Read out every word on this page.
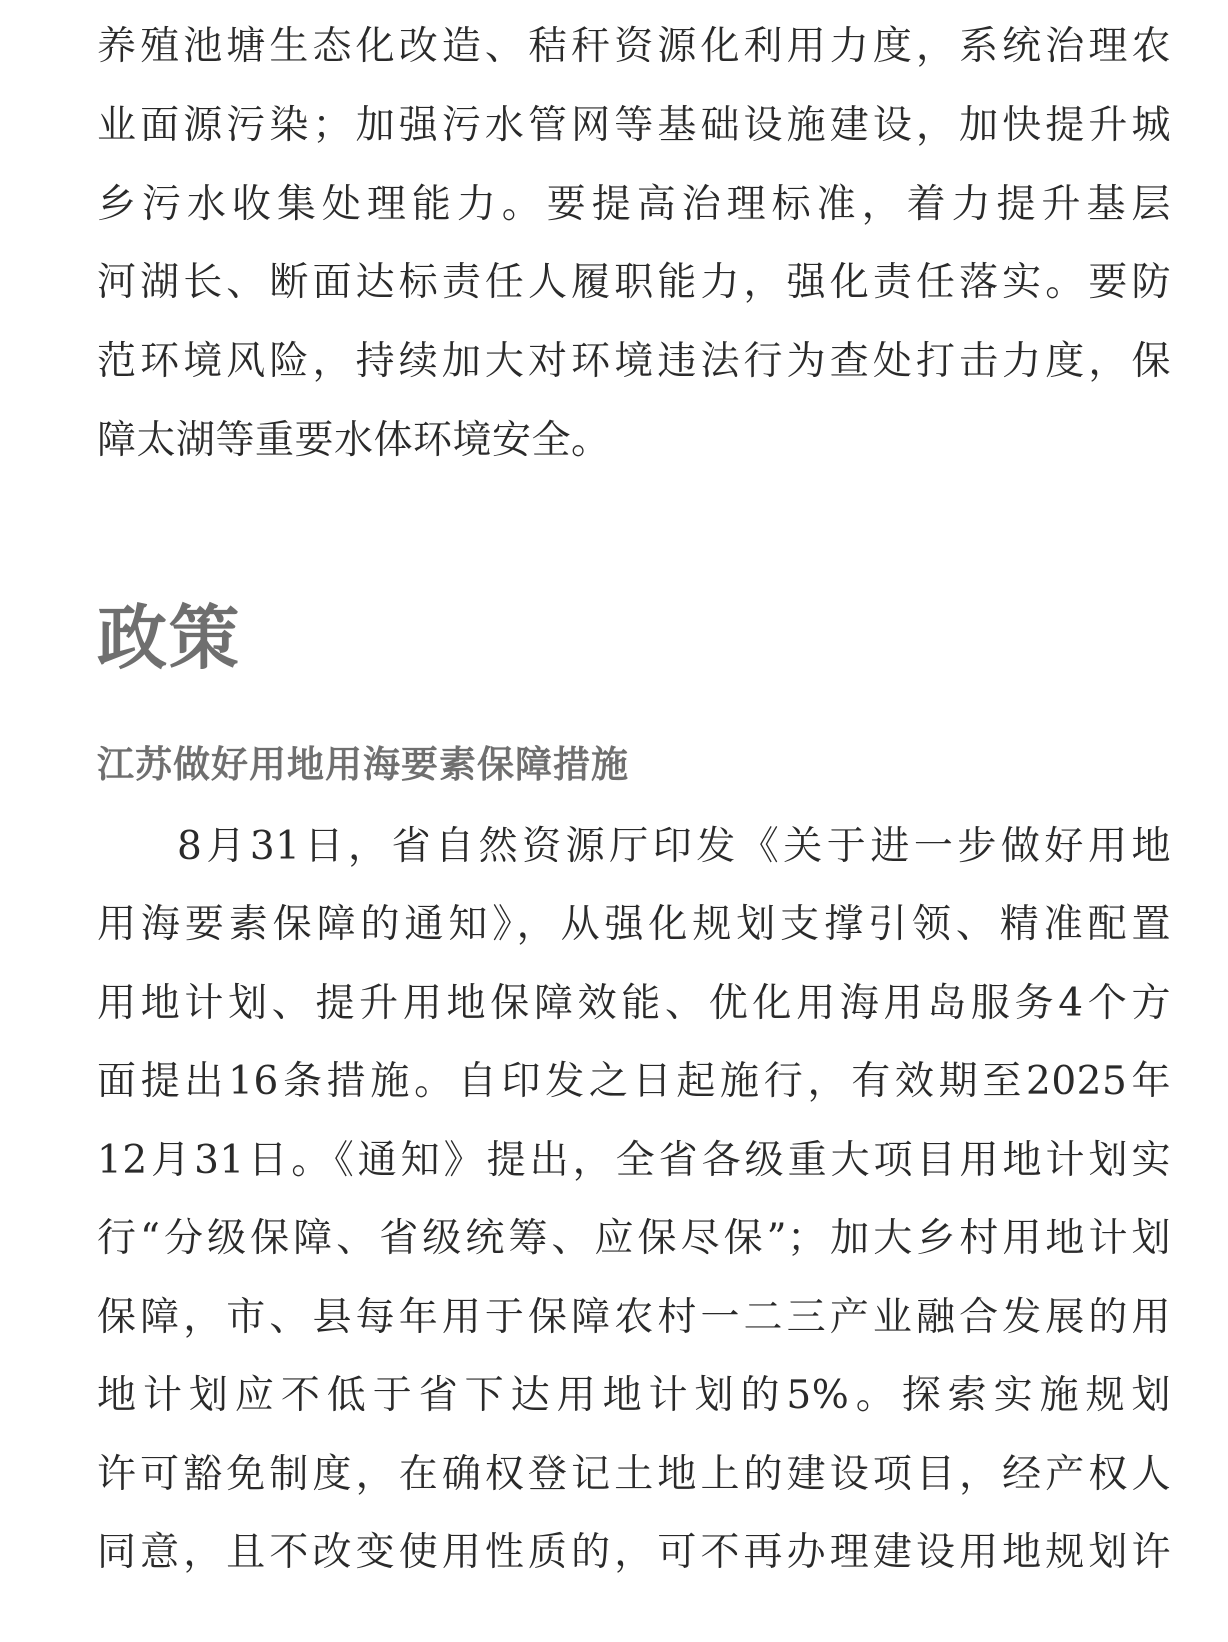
养殖池塘生态化改造、秸秆资源化利用力度，系统治理农
业面源污染；加强污水管网等基础设施建设，加快提升城
乡污水收集处理能力。要提高治理标准，着力提升基层
河湖长、断面达标责任人履职能力，强化责任落实。要防
范环境风险，持续加大对环境违法行为查处打击力度，保
障太湖等重要水体环境安全。
政策
江苏做好用地用海要素保障措施
8月31日，省自然资源厅印发《关于进一步做好用地
用海要素保障的通知》，从强化规划支撑引领、精准配置
用地计划、提升用地保障效能、优化用海用岛服务4个方
面提出16条措施。自印发之日起施行，有效期至2025年
12月31日。《通知》提出，全省各级重大项目用地计划实
行“分级保障、省级统筹、应保尽保”；加大乡村用地计划
保障，市、县每年用于保障农村一二三产业融合发展的用
地计划应不低于省下达用地计划的5%。探索实施规划
许可豁免制度，在确权登记土地上的建设项目，经产权人
同意，且不改变使用性质的，可不再办理建设用地规划许
